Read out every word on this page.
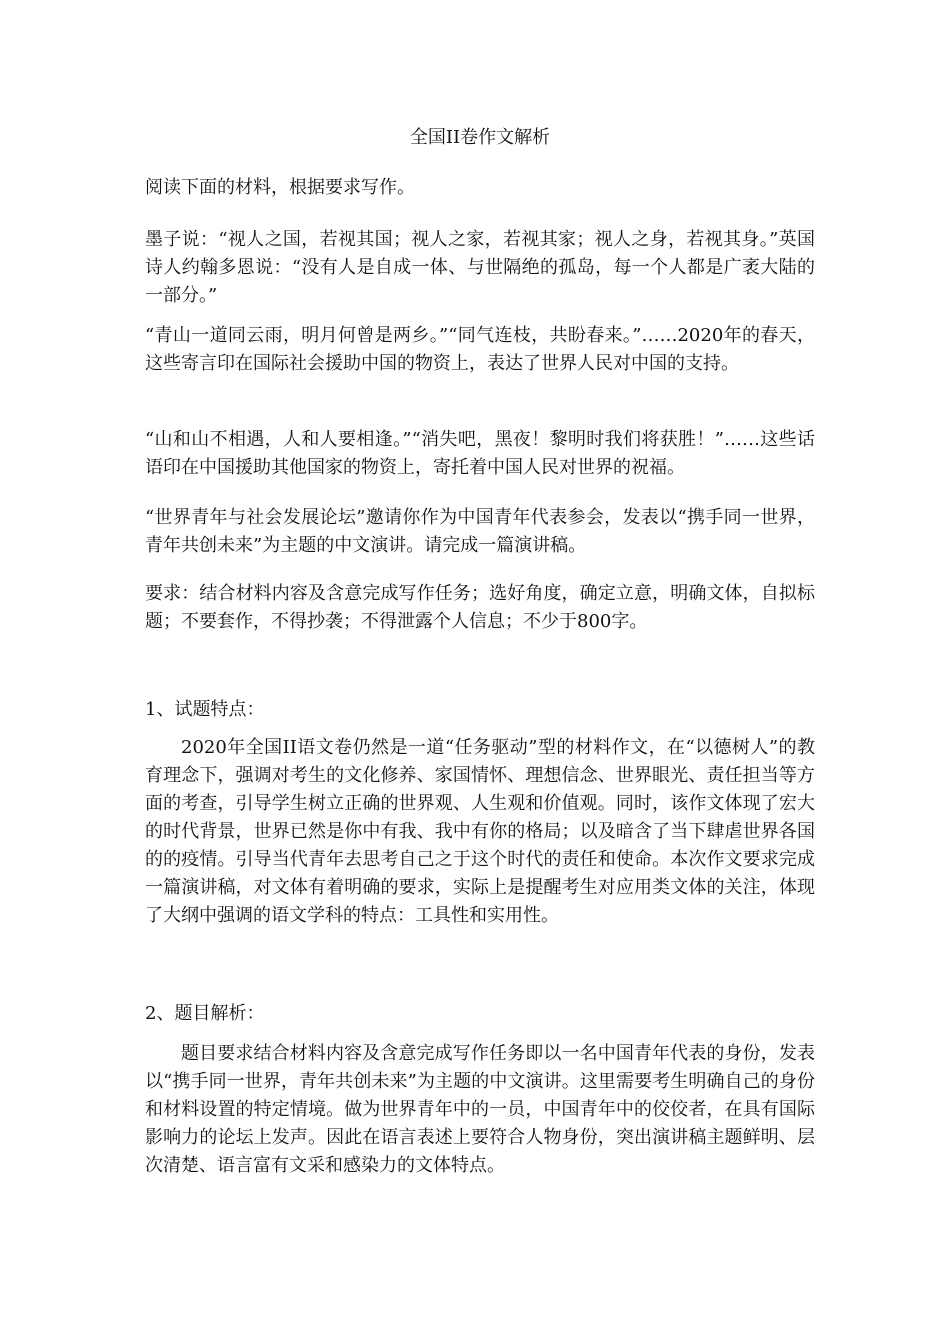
全国II卷作文解析

阅读下面的材料，根据要求写作。

墨子说：“视人之国，若视其国；视人之家，若视其家；视人之身，若视其身。”英国诗人约翰多恩说：“没有人是自成一体、与世隔绝的孤岛，每一个人都是广袤大陆的一部分。”

“青山一道同云雨，明月何曾是两乡。”“同气连枝，共盼春来。”……2020年的春天，这些寄言印在国际社会援助中国的物资上，表达了世界人民对中国的支持。

“山和山不相遇，人和人要相逢。”“消失吧，黑夜！黎明时我们将获胜！”……这些话语印在中国援助其他国家的物资上，寄托着中国人民对世界的祝福。

“世界青年与社会发展论坛”邀请你作为中国青年代表参会，发表以“携手同一世界，青年共创未来”为主题的中文演讲。请完成一篇演讲稿。

要求：结合材料内容及含意完成写作任务；选好角度，确定立意，明确文体，自拟标题；不要套作，不得抄袭；不得泄露个人信息；不少于800字。

1、试题特点：

2020年全国II语文卷仍然是一道“任务驱动”型的材料作文，在“以德树人”的教育理念下，强调对考生的文化修养、家国情怀、理想信念、世界眼光、责任担当等方面的考查，引导学生树立正确的世界观、人生观和价值观。同时，该作文体现了宏大的时代背景，世界已然是你中有我、我中有你的格局；以及暗含了当下肆虐世界各国的的疫情。引导当代青年去思考自己之于这个时代的责任和使命。本次作文要求完成一篇演讲稿，对文体有着明确的要求，实际上是提醒考生对应用类文体的关注，体现了大纲中强调的语文学科的特点：工具性和实用性。

2、题目解析：

题目要求结合材料内容及含意完成写作任务即以一名中国青年代表的身份，发表以“携手同一世界，青年共创未来”为主题的中文演讲。这里需要考生明确自己的身份和材料设置的特定情境。做为世界青年中的一员，中国青年中的佼佼者，在具有国际影响力的论坛上发声。因此在语言表述上要符合人物身份，突出演讲稿主题鲜明、层次清楚、语言富有文采和感染力的文体特点。
